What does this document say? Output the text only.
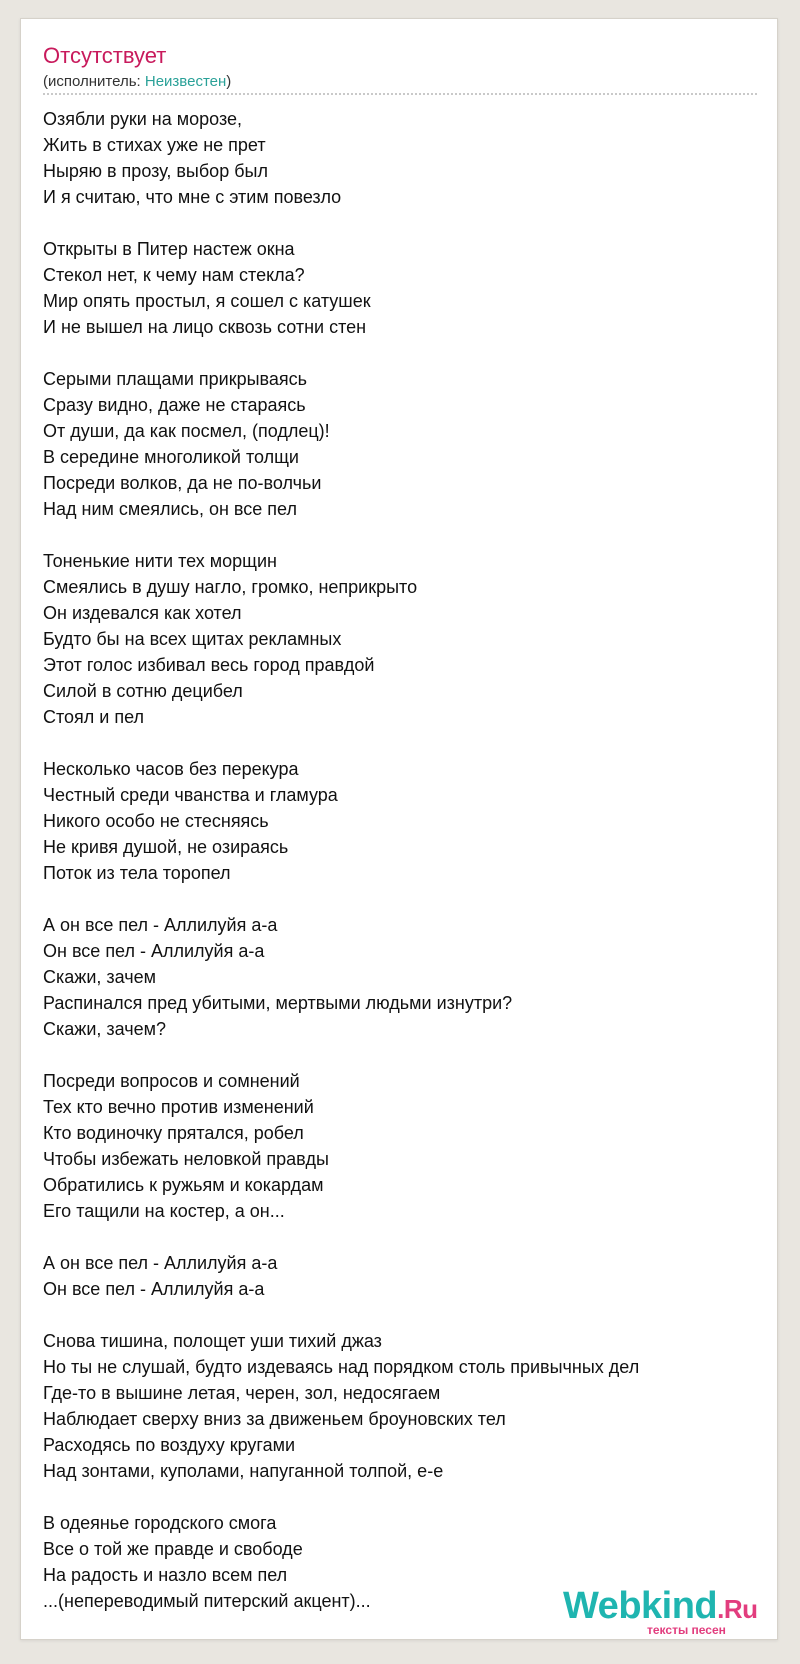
Отсутствует
(исполнитель: Неизвестен)
Озябли руки на морозе,
Жить в стихах уже не прет
Ныряю в прозу, выбор был
И я считаю, что мне с этим повезло
Открыты в Питер настеж окна
Стекол нет, к чему нам стекла?
Мир опять простыл, я сошел с катушек
И не вышел на лицо сквозь сотни стен
Серыми плащами прикрываясь
Сразу видно, даже не стараясь
От души, да как посмел, (подлец)!
В середине многоликой толщи
Посреди волков, да не по-волчьи
Над ним смеялись, он все пел
Тоненькие нити тех морщин
Смеялись в душу нагло, громко, неприкрыто
Он издевался как хотел
Будто бы на всех щитах рекламных
Этот голос избивал весь город правдой
Силой в сотню децибел
Стоял и пел
Несколько часов без перекура
Честный среди чванства и гламура
Никого особо не стесняясь
Не кривя душой, не озираясь
Поток из тела торопел
А он все пел - Аллилуйя а-а
Он все пел - Аллилуйя а-а
Скажи, зачем
Распинался пред убитыми, мертвыми людьми изнутри?
Скажи, зачем?
Посреди вопросов и сомнений
Тех кто вечно против изменений
Кто водиночку прятался, робел
Чтобы избежать неловкой правды
Обратились к ружьям и кокардам
Его тащили на костер, а он...
А он все пел - Аллилуйя а-а
Он все пел - Аллилуйя а-а
Снова тишина, полощет уши тихий джаз
Но ты не слушай, будто издеваясь над порядком столь привычных дел
Где-то в вышине летая, черен, зол, недосягаем
Наблюдает сверху вниз за движеньем броуновских тел
Расходясь по воздуху кругами
Над зонтами, куполами, напуганной толпой, е-е
В одеянье городского смога
Все о той же правде и свободе
На радость и назло всем пел
...(непереводимый питерский акцент)...	Webkind.Ru
тексты песен
